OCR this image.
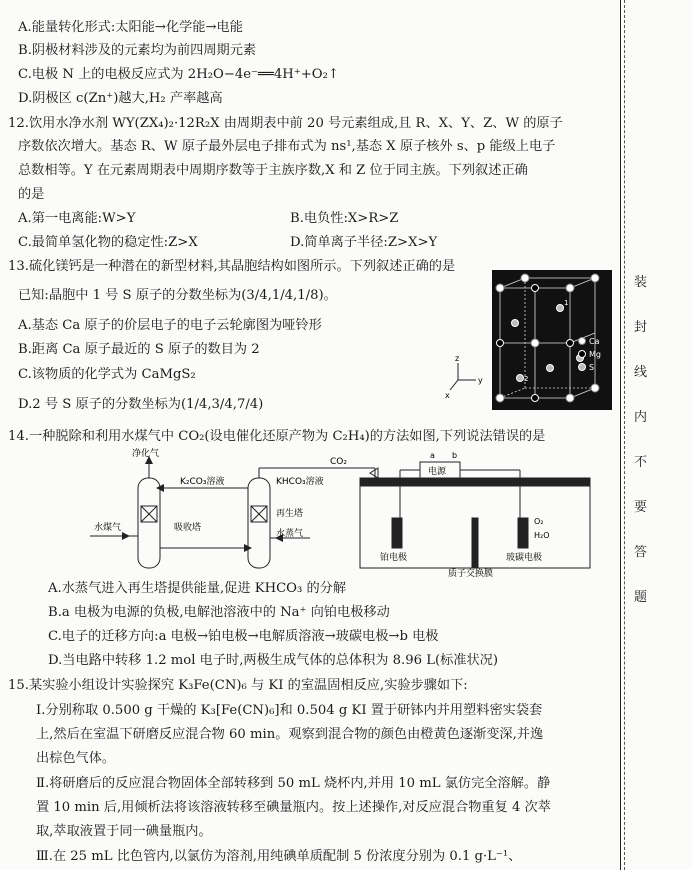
A.能量转化形式:太阳能→化学能→电能
B.阴极材料涉及的元素均为前四周期元素
C.电极 N 上的电极反应式为 2H₂O−4e⁻══4H⁺+O₂↑
D.阴极区 c(Zn⁺)越大,H₂ 产率越高
12.饮用水净水剂 WY(ZX₄)₂·12R₂X 由周期表中前 20 号元素组成,且 R、X、Y、Z、W 的原子
序数依次增大。基态 R、W 原子最外层电子排布式为 ns¹,基态 X 原子核外 s、p 能级上电子
总数相等。Y 在元素周期表中周期序数等于主族序数,X 和 Z 位于同主族。下列叙述正确
的是
A.第一电离能:W>Y	B.电负性:X>R>Z
C.最简单氢化物的稳定性:Z>X	D.简单离子半径:Z>X>Y
13.硫化镁钙是一种潜在的新型材料,其晶胞结构如图所示。下列叙述正确的是
已知:晶胞中 1 号 S 原子的分数坐标为(3/4,1/4,1/8)。
A.基态 Ca 原子的价层电子的电子云轮廓图为哑铃形
B.距离 Ca 原子最近的 S 原子的数目为 2
C.该物质的化学式为 CaMgS₂
D.2 号 S 原子的分数坐标为(1/4,3/4,7/4)
1
2
Ca
Mg
S
z
y
x
14.一种脱除和利用水煤气中 CO₂(设电催化还原产物为 C₂H₄)的方法如图,下列说法错误的是
净化气
K₂CO₃溶液	KHCO₃溶液
CO₂
水煤气	吸收塔
再生塔
水蒸气
电源
a b
铂电极	玻碳电极
质子交换膜
O₂
H₂O
A.水蒸气进入再生塔提供能量,促进 KHCO₃ 的分解
B.a 电极为电源的负极,电解池溶液中的 Na⁺ 向铂电极移动
C.电子的迁移方向:a 电极→铂电极→电解质溶液→玻碳电极→b 电极
D.当电路中转移 1.2 mol 电子时,两极生成气体的总体积为 8.96 L(标准状况)
15.某实验小组设计实验探究 K₃Fe(CN)₆ 与 KI 的室温固相反应,实验步骤如下:
Ⅰ.分别称取 0.500 g 干燥的 K₃[Fe(CN)₆]和 0.504 g KI 置于研钵内并用塑料密实袋套
上,然后在室温下研磨反应混合物 60 min。观察到混合物的颜色由橙黄色逐渐变深,并逸
出棕色气体。
Ⅱ.将研磨后的反应混合物固体全部转移到 50 mL 烧杯内,并用 10 mL 氯仿完全溶解。静
置 10 min 后,用倾析法将该溶液转移至碘量瓶内。按上述操作,对反应混合物重复 4 次萃
取,萃取液置于同一碘量瓶内。
Ⅲ.在 25 mL 比色管内,以氯仿为溶剂,用纯碘单质配制 5 份浓度分别为 0.1 g·L⁻¹、
装
封
线
内
不
要
答
题
